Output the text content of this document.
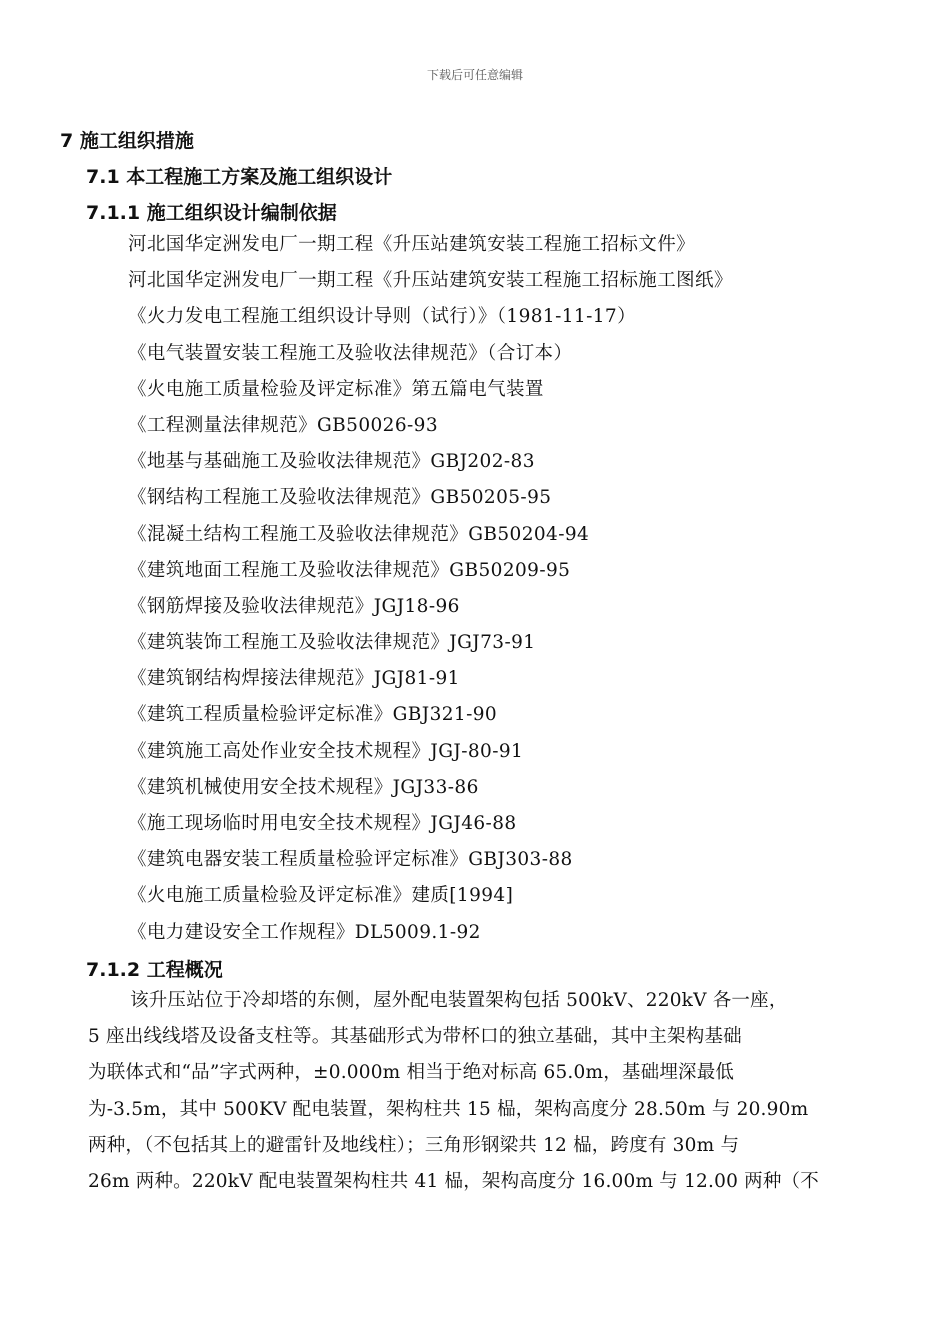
下载后可任意编辑
7 施工组织措施
7.1 本工程施工方案及施工组织设计
7.1.1 施工组织设计编制依据
河北国华定洲发电厂一期工程《升压站建筑安装工程施工招标文件》
河北国华定洲发电厂一期工程《升压站建筑安装工程施工招标施工图纸》
《火力发电工程施工组织设计导则（试行）》（1981-11-17）
《电气装置安装工程施工及验收法律规范》（合订本）
《火电施工质量检验及评定标准》第五篇电气装置
《工程测量法律规范》GB50026-93
《地基与基础施工及验收法律规范》GBJ202-83
《钢结构工程施工及验收法律规范》GB50205-95
《混凝土结构工程施工及验收法律规范》GB50204-94
《建筑地面工程施工及验收法律规范》GB50209-95
《钢筋焊接及验收法律规范》JGJ18-96
《建筑装饰工程施工及验收法律规范》JGJ73-91
《建筑钢结构焊接法律规范》JGJ81-91
《建筑工程质量检验评定标准》GBJ321-90
《建筑施工高处作业安全技术规程》JGJ-80-91
《建筑机械使用安全技术规程》JGJ33-86
《施工现场临时用电安全技术规程》JGJ46-88
《建筑电器安装工程质量检验评定标准》GBJ303-88
《火电施工质量检验及评定标准》建质[1994]
《电力建设安全工作规程》DL5009.1-92
7.1.2 工程概况
该升压站位于冷却塔的东侧，屋外配电装置架构包括 500kV、220kV 各一座，
5 座出线线塔及设备支柱等。其基础形式为带杯口的独立基础，其中主架构基础
为联体式和“品”字式两种，±0.000m 相当于绝对标高 65.0m，基础埋深最低
为-3.5m，其中 500KV 配电装置，架构柱共 15 榀，架构高度分 28.50m 与 20.90m
两种，（不包括其上的避雷针及地线柱）；三角形钢梁共 12 榀，跨度有 30m 与
26m 两种。220kV 配电装置架构柱共 41 榀，架构高度分 16.00m 与 12.00 两种（不
